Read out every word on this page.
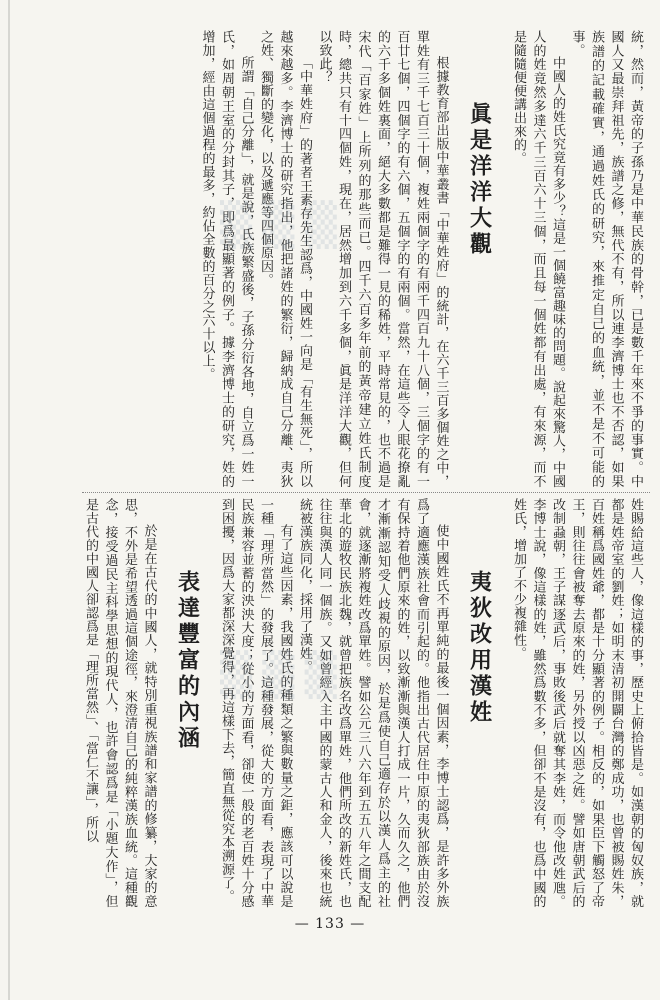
統，然而，黃帝的子孫乃是中華民族的骨幹，已是數千年來不爭的事實。中國人又最崇拜祖先，族譜之修，無代不有，所以連李濟博士也不否認，如果族譜的記載確實，通過姓氏的研究，來推定自己的血統，並不是不可能的事。

中國人的姓氏究竟有多少？這是一個饒富趣味的問題。說起來驚人，中國人的姓竟然多達六千三百六十三個，而且每一個姓都有出處，有來源，而不是隨隨便便講出來的。

眞是洋洋大觀

根據教育部出版中華叢書「中華姓府」的統計，在六千三百多個姓之中，單姓有三千七百三十個，複姓兩個字的有兩千四百九十八個，三個字的有一百廿七個，四個字的有六個，五個字的有兩個。當然，在這些令人眼花撩亂的六千多個姓裏面，絕大多數都是難得一見的稀姓，平時常見的，也不過是宋代「百家姓」上所列的那些而已。四千六百多年前的黃帝建立姓氏制度時，總共只有十四個姓，現在，居然增加到六千多個，眞是洋洋大觀，但何以致此？

「中華姓府」的著者王素存先生認爲，中國姓一向是「有生無死」，所以越來越多。李濟博士的研究指出，他把諸姓的繁衍，歸納成自己分離、夷狄之姓、獨斷的變化，以及遞應等四個原因。

所謂「自己分離」，就是說，氏族繁盛後，子孫分衍各地，自立爲一姓一氏，如周朝王室的分封其子，即爲最顯著的例子。據李濟博士的研究，姓的增加，經由這個過程的最多，約佔全數的百分之六十以上。

姓賜給這些人，像這樣的事，歷史上俯拾皆是。如漢朝的匈奴族，就都是姓帝室的劉姓；如明末清初開闢台灣的鄭成功，也曾被賜姓朱，百姓稱爲國姓爺，都是十分顯著的例子。相反的，如果臣下觸怒了帝王，則往往會被奪去原來的姓，另外授以凶惡之姓。譬如唐朝武后的改制蝨朝，王子謀逐武后，事敗後武后就奪其李姓，而令他改姓虺。李博士說，像這樣的姓，雖然爲數不多，但卻不是沒有，也爲中國的姓氏，增加了不少複雜性。

夷狄改用漢姓

使中國姓氏不再單純的最後一個因素，李博士認爲，是許多外族爲了適應漢族社會而引起的。他指出古代居住中原的夷狄部族由於沒有保持着他們原來的姓，以致漸漸與漢人打成一片，久而久之，他們才漸漸認知受人歧視的原因，於是爲使自己適存於以漢人爲主的社會，就逐漸將複姓改爲單姓。譬如公元三八六年到五五八年之間支配華北的遊牧民族北魏，就曾把族名改爲單姓，他們所改的新姓氏，也往往與漢人同一個族。又如曾經入主中國的蒙古人和金人，後來也統統被漢族同化，採用了漢姓。

有了這些因素，我國姓氏的種類之繁與數量之鉅，應該可以說是一種「理所當然」的發展了。這種發展，從大的方面看，表現了中華民族兼容並蓄的泱泱大度；從小的方面看，卻使一般的老百姓十分感到困擾，因爲大家都深深覺得，再這樣下去，簡直無從究本溯源了。

表達豐富的內涵

於是在古代的中國人，就特別重視族譜和家譜的修纂，大家的意思，不外是希望透過這個途徑，來澄清自己的純粹漢族血統。這種觀念，接受過民主科學思想的現代人，也許會認爲是「小題大作」，但是古代的中國人卻認爲是「理所當然」、「當仁不讓」，所以

— 133 —
▒▒▒
▒▒▒
